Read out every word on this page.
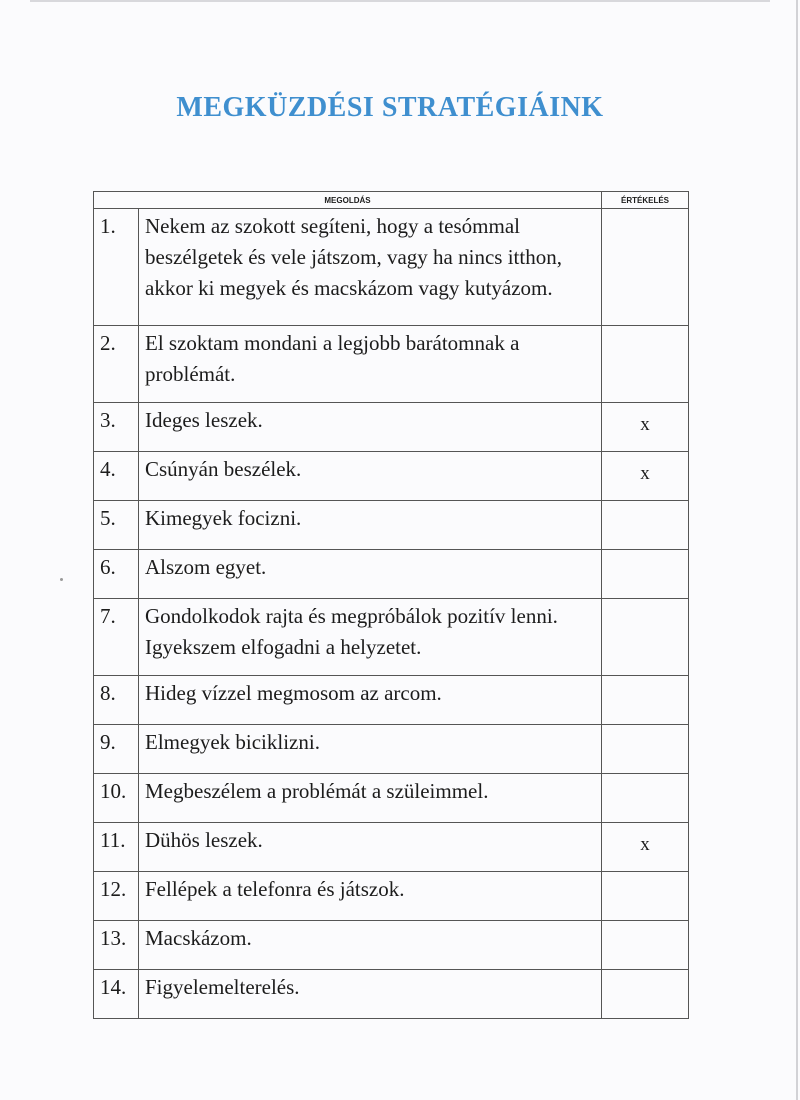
MEGKÜZDÉSI STRATÉGIÁINK
MEGOLDÁS		ÉRTÉKELÉS
1.	Nekem az szokott segíteni, hogy a tesómmal beszélgetek és vele játszom, vagy ha nincs itthon, akkor ki megyek és macskázom vagy kutyázom.	
2.	El szoktam mondani a legjobb barátomnak a problémát.	
3.	Ideges leszek.	x
4.	Csúnyán beszélek.	x
5.	Kimegyek focizni.	
6.	Alszom egyet.	
7.	Gondolkodok rajta és megpróbálok pozitív lenni. Igyekszem elfogadni a helyzetet.	
8.	Hideg vízzel megmosom az arcom.	
9.	Elmegyek biciklizni.	
10.	Megbeszélem a problémát a szüleimmel.	
11.	Dühös leszek.	x
12.	Fellépek a telefonra és játszok.	
13.	Macskázom.	
14.	Figyelemelterelés.	
